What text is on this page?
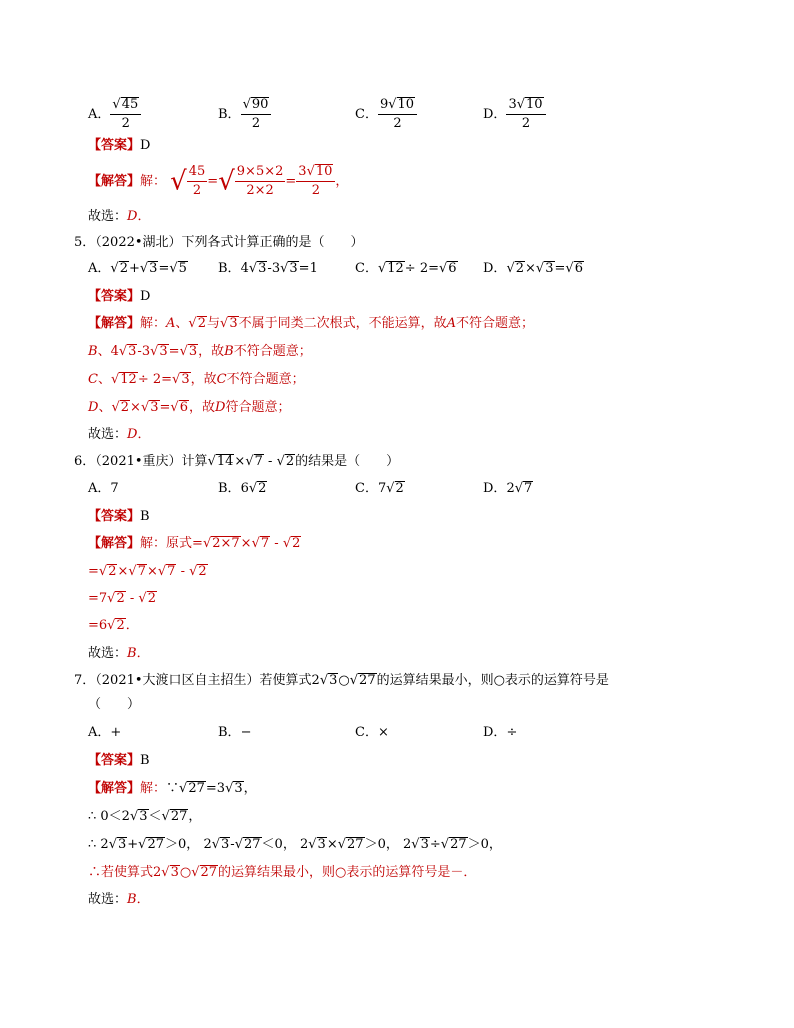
A． $\frac{√45}{2}$	B． $\frac{√90}{2}$	C． $\frac{9√10}{2}$	D． $\frac{3√10}{2}$
【答案】D
【解答】解： √ $\frac{45}{2}$ =√ $\frac{9\times 5\times 2}{2\times 2} = \frac{3√10}{2}$ ，
故选：D．
5．（2022•湖北）下列各式计算正确的是（　　）
A．√2+√3=√5 B．4√3-3√3=1	C．√12÷ 2=√6 D．√2×√3=√6
【答案】D
【解答】解：A、√2与√3不属于同类二次根式，不能运算，故A不符合题意；
B、4√3-3√3=√3，故B不符合题意；
C、√12÷ 2=√3，故C不符合题意；
D、√2×√3=√6，故D符合题意；
故选：D．
6．（2021•重庆）计算√14×√7 - √2的结果是（　　）
A．7	B．6√2	C．7√2	D．2√7
【答案】B
【解答】解：原式=√2×7×√7 - √2
=√2×√7×√7 - √2
=7√2 - √2
=6√2．
故选：B．
7．（2021•大渡口区自主招生）若使算式2√3○√27的运算结果最小，则○表示的运算符号是
（　　）
A．+	B．−	C．×	D．÷
【答案】B
【解答】解：∵√27=3√3，
∴ 0＜2√3＜√27，
∴ 2√3+√27＞0， 2√3-√27＜0， 2√3×√27＞0， 2√3÷√27＞0，
∴若使算式2√3○√27的运算结果最小，则○表示的运算符号是－．
故选：B．
